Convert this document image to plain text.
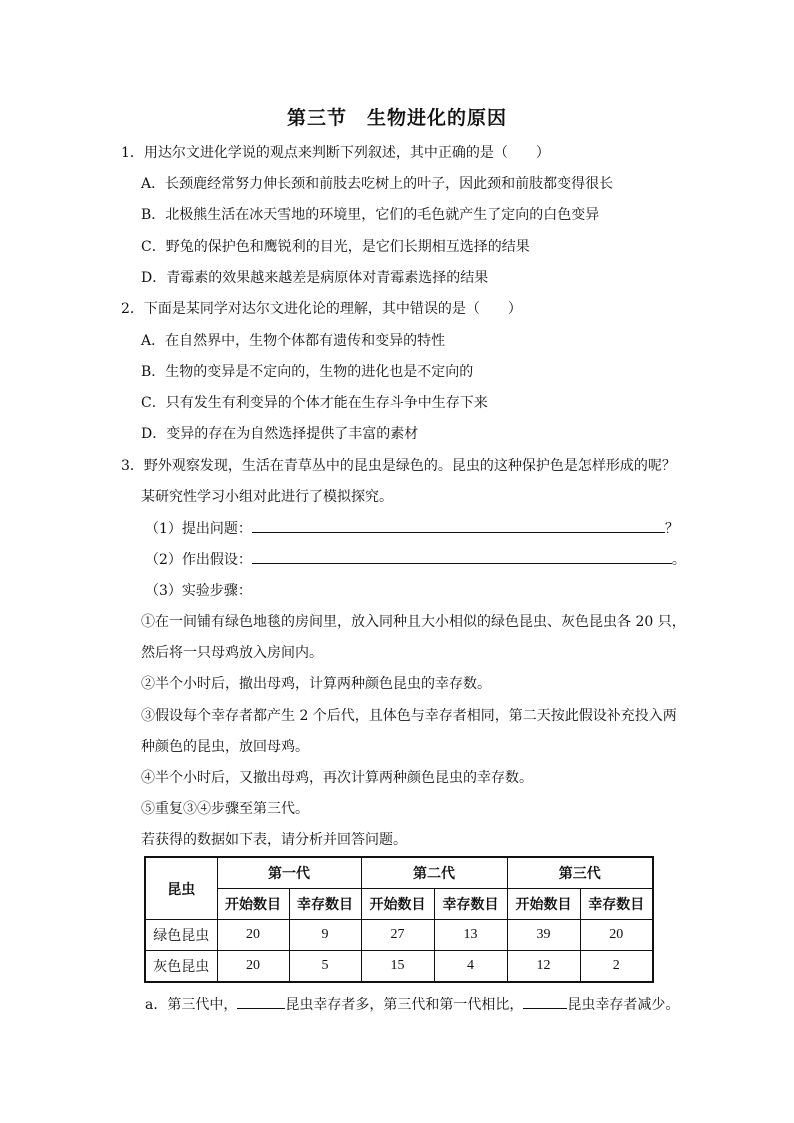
第三节　生物进化的原因
1．用达尔文进化学说的观点来判断下列叙述，其中正确的是（　　）
A．长颈鹿经常努力伸长颈和前肢去吃树上的叶子，因此颈和前肢都变得很长
B．北极熊生活在冰天雪地的环境里，它们的毛色就产生了定向的白色变异
C．野兔的保护色和鹰锐利的目光，是它们长期相互选择的结果
D．青霉素的效果越来越差是病原体对青霉素选择的结果
2．下面是某同学对达尔文进化论的理解，其中错误的是（　　）
A．在自然界中，生物个体都有遗传和变异的特性
B．生物的变异是不定向的，生物的进化也是不定向的
C．只有发生有利变异的个体才能在生存斗争中生存下来
D．变异的存在为自然选择提供了丰富的素材
3．野外观察发现，生活在青草丛中的昆虫是绿色的。昆虫的这种保护色是怎样形成的呢？
某研究性学习小组对此进行了模拟探究。
（1）提出问题：	？
（2）作出假设：	。
（3）实验步骤：
①在一间铺有绿色地毯的房间里，放入同种且大小相似的绿色昆虫、灰色昆虫各 20 只，
然后将一只母鸡放入房间内。
②半个小时后，撤出母鸡，计算两种颜色昆虫的幸存数。
③假设每个幸存者都产生 2 个后代，且体色与幸存者相同，第二天按此假设补充投入两
种颜色的昆虫，放回母鸡。
④半个小时后，又撤出母鸡，再次计算两种颜色昆虫的幸存数。
⑤重复③④步骤至第三代。
若获得的数据如下表，请分析并回答问题。
昆虫	第一代		第二代		第三代	
	开始数目	幸存数目	开始数目	幸存数目	开始数目	幸存数目
绿色昆虫	20	9	27	13	39	20
灰色昆虫	20	5	15	4	12	2
a．第三代中，	昆虫幸存者多，第三代和第一代相比，	昆虫幸存者减少。
